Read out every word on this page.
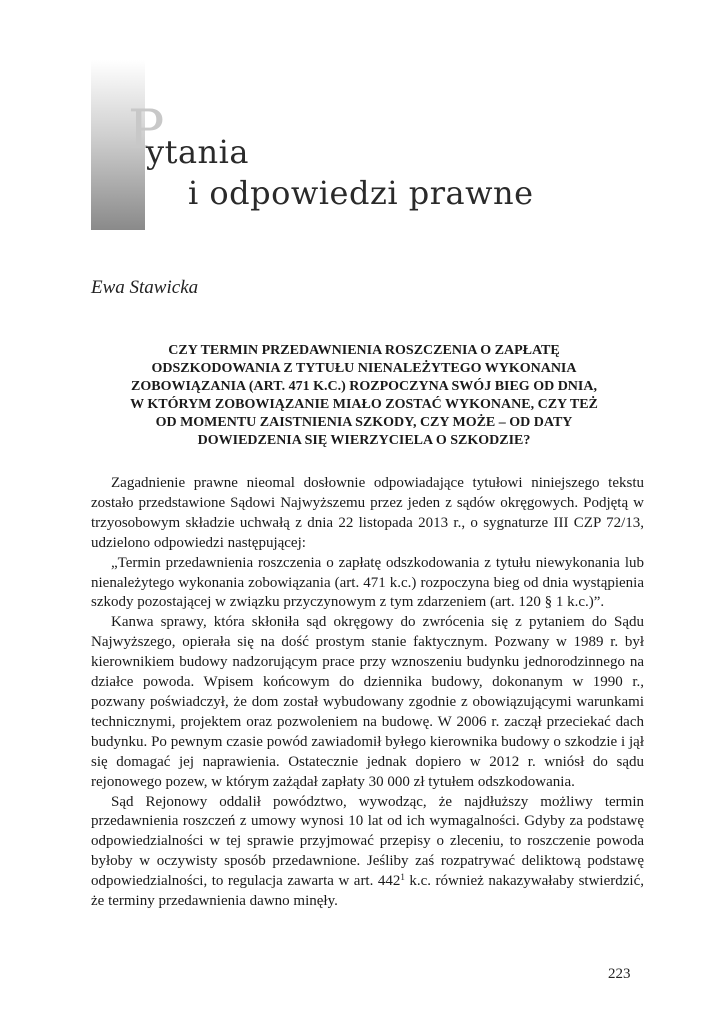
P
ytania
i odpowiedzi prawne
Ewa Stawicka
CZY TERMIN PRZEDAWNIENIA ROSZCZENIA O ZAPŁATĘ
ODSZKODOWANIA Z TYTUŁU NIENALEŻYTEGO WYKONANIA
ZOBOWIĄZANIA (ART. 471 K.C.) ROZPOCZYNA SWÓJ BIEG OD DNIA,
W KTÓRYM ZOBOWIĄZANIE MIAŁO ZOSTAĆ WYKONANE, CZY TEŻ
OD MOMENTU ZAISTNIENIA SZKODY, CZY MOŻE – OD DATY
DOWIEDZENIA SIĘ WIERZYCIELA O SZKODZIE?

Zagadnienie prawne nieomal dosłownie odpowiadające tytułowi niniejszego tekstu zostało przedstawione Sądowi Najwyższemu przez jeden z sądów okręgowych. Podjętą w trzyosobowym składzie uchwałą z dnia 22 listopada 2013 r., o sygnaturze III CZP 72/13, udzielono odpowiedzi następującej:

„Termin przedawnienia roszczenia o zapłatę odszkodowania z tytułu niewykonania lub nienależytego wykonania zobowiązania (art. 471 k.c.) rozpoczyna bieg od dnia wystąpienia szkody pozostającej w związku przyczynowym z tym zdarzeniem (art. 120 § 1 k.c.)”.

Kanwa sprawy, która skłoniła sąd okręgowy do zwrócenia się z pytaniem do Sądu Najwyższego, opierała się na dość prostym stanie faktycznym. Pozwany w 1989 r. był kierownikiem budowy nadzorującym prace przy wznoszeniu budynku jednorodzinnego na działce powoda. Wpisem końcowym do dziennika budowy, dokonanym w 1990 r., pozwany poświadczył, że dom został wybudowany zgodnie z obowiązującymi warunkami technicznymi, projektem oraz pozwoleniem na budowę. W 2006 r. zaczął przeciekać dach budynku. Po pewnym czasie powód zawiadomił byłego kierownika budowy o szkodzie i jął się domagać jej naprawienia. Ostatecznie jednak dopiero w 2012 r. wniósł do sądu rejonowego pozew, w którym zażądał zapłaty 30 000 zł tytułem odszkodowania.

Sąd Rejonowy oddalił powództwo, wywodząc, że najdłuższy możliwy termin przedawnienia roszczeń z umowy wynosi 10 lat od ich wymagalności. Gdyby za podstawę odpowiedzialności w tej sprawie przyjmować przepisy o zleceniu, to roszczenie powoda byłoby w oczywisty sposób przedawnione. Jeśliby zaś rozpatrywać deliktową podstawę odpowiedzialności, to regulacja zawarta w art. $442^1$ k.c. również nakazywałaby stwierdzić, że terminy przedawnienia dawno minęły.

223
